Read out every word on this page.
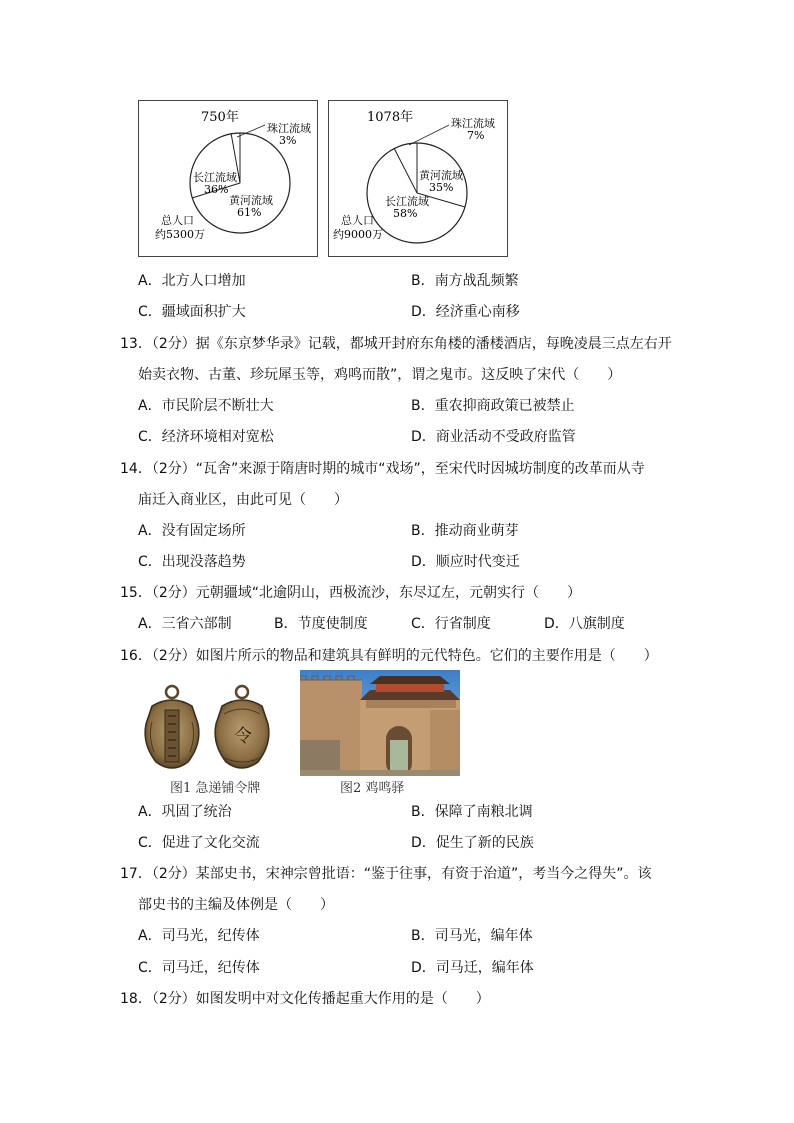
750年
珠江流域
3%
长江流域
36%
黄河流域
61%
总人口
约5300万
1078年	珠江流域
7%
黄河流域
35%
长江流域
58%
总人口
约9000万
A．北方人口增加	B．南方战乱频繁
C．疆域面积扩大	D．经济重心南移
13．（2分）据《东京梦华录》记载，都城开封府东角楼的潘楼酒店，每晚凌晨三点左右开
始卖衣物、古董、珍玩犀玉等，鸡鸣而散”，谓之鬼市。这反映了宋代（　　）
A．市民阶层不断壮大	B．重农抑商政策已被禁止
C．经济环境相对宽松	D．商业活动不受政府监管
14．（2分）“瓦舍”来源于隋唐时期的城市“戏场”，至宋代时因城坊制度的改革而从寺
庙迁入商业区，由此可见（　　）
A．没有固定场所	B．推动商业萌芽
C．出现没落趋势	D．顺应时代变迁
15．（2分）元朝疆域“北逾阴山，西极流沙，东尽辽左，元朝实行（　　）
A．三省六部制	B．节度使制度	C．行省制度	D．八旗制度
16．（2分）如图片所示的物品和建筑具有鲜明的元代特色。它们的主要作用是（　　）
令
图1 急递铺令牌	图2 鸡鸣驿
A．巩固了统治	B．保障了南粮北调
C．促进了文化交流	D．促生了新的民族
17．（2分）某部史书，宋神宗曾批语：“鉴于往事，有资于治道”，考当今之得失”。该
部史书的主编及体例是（　　）
A．司马光，纪传体	B．司马光，编年体
C．司马迁，纪传体	D．司马迁，编年体
18．（2分）如图发明中对文化传播起重大作用的是（　　）
